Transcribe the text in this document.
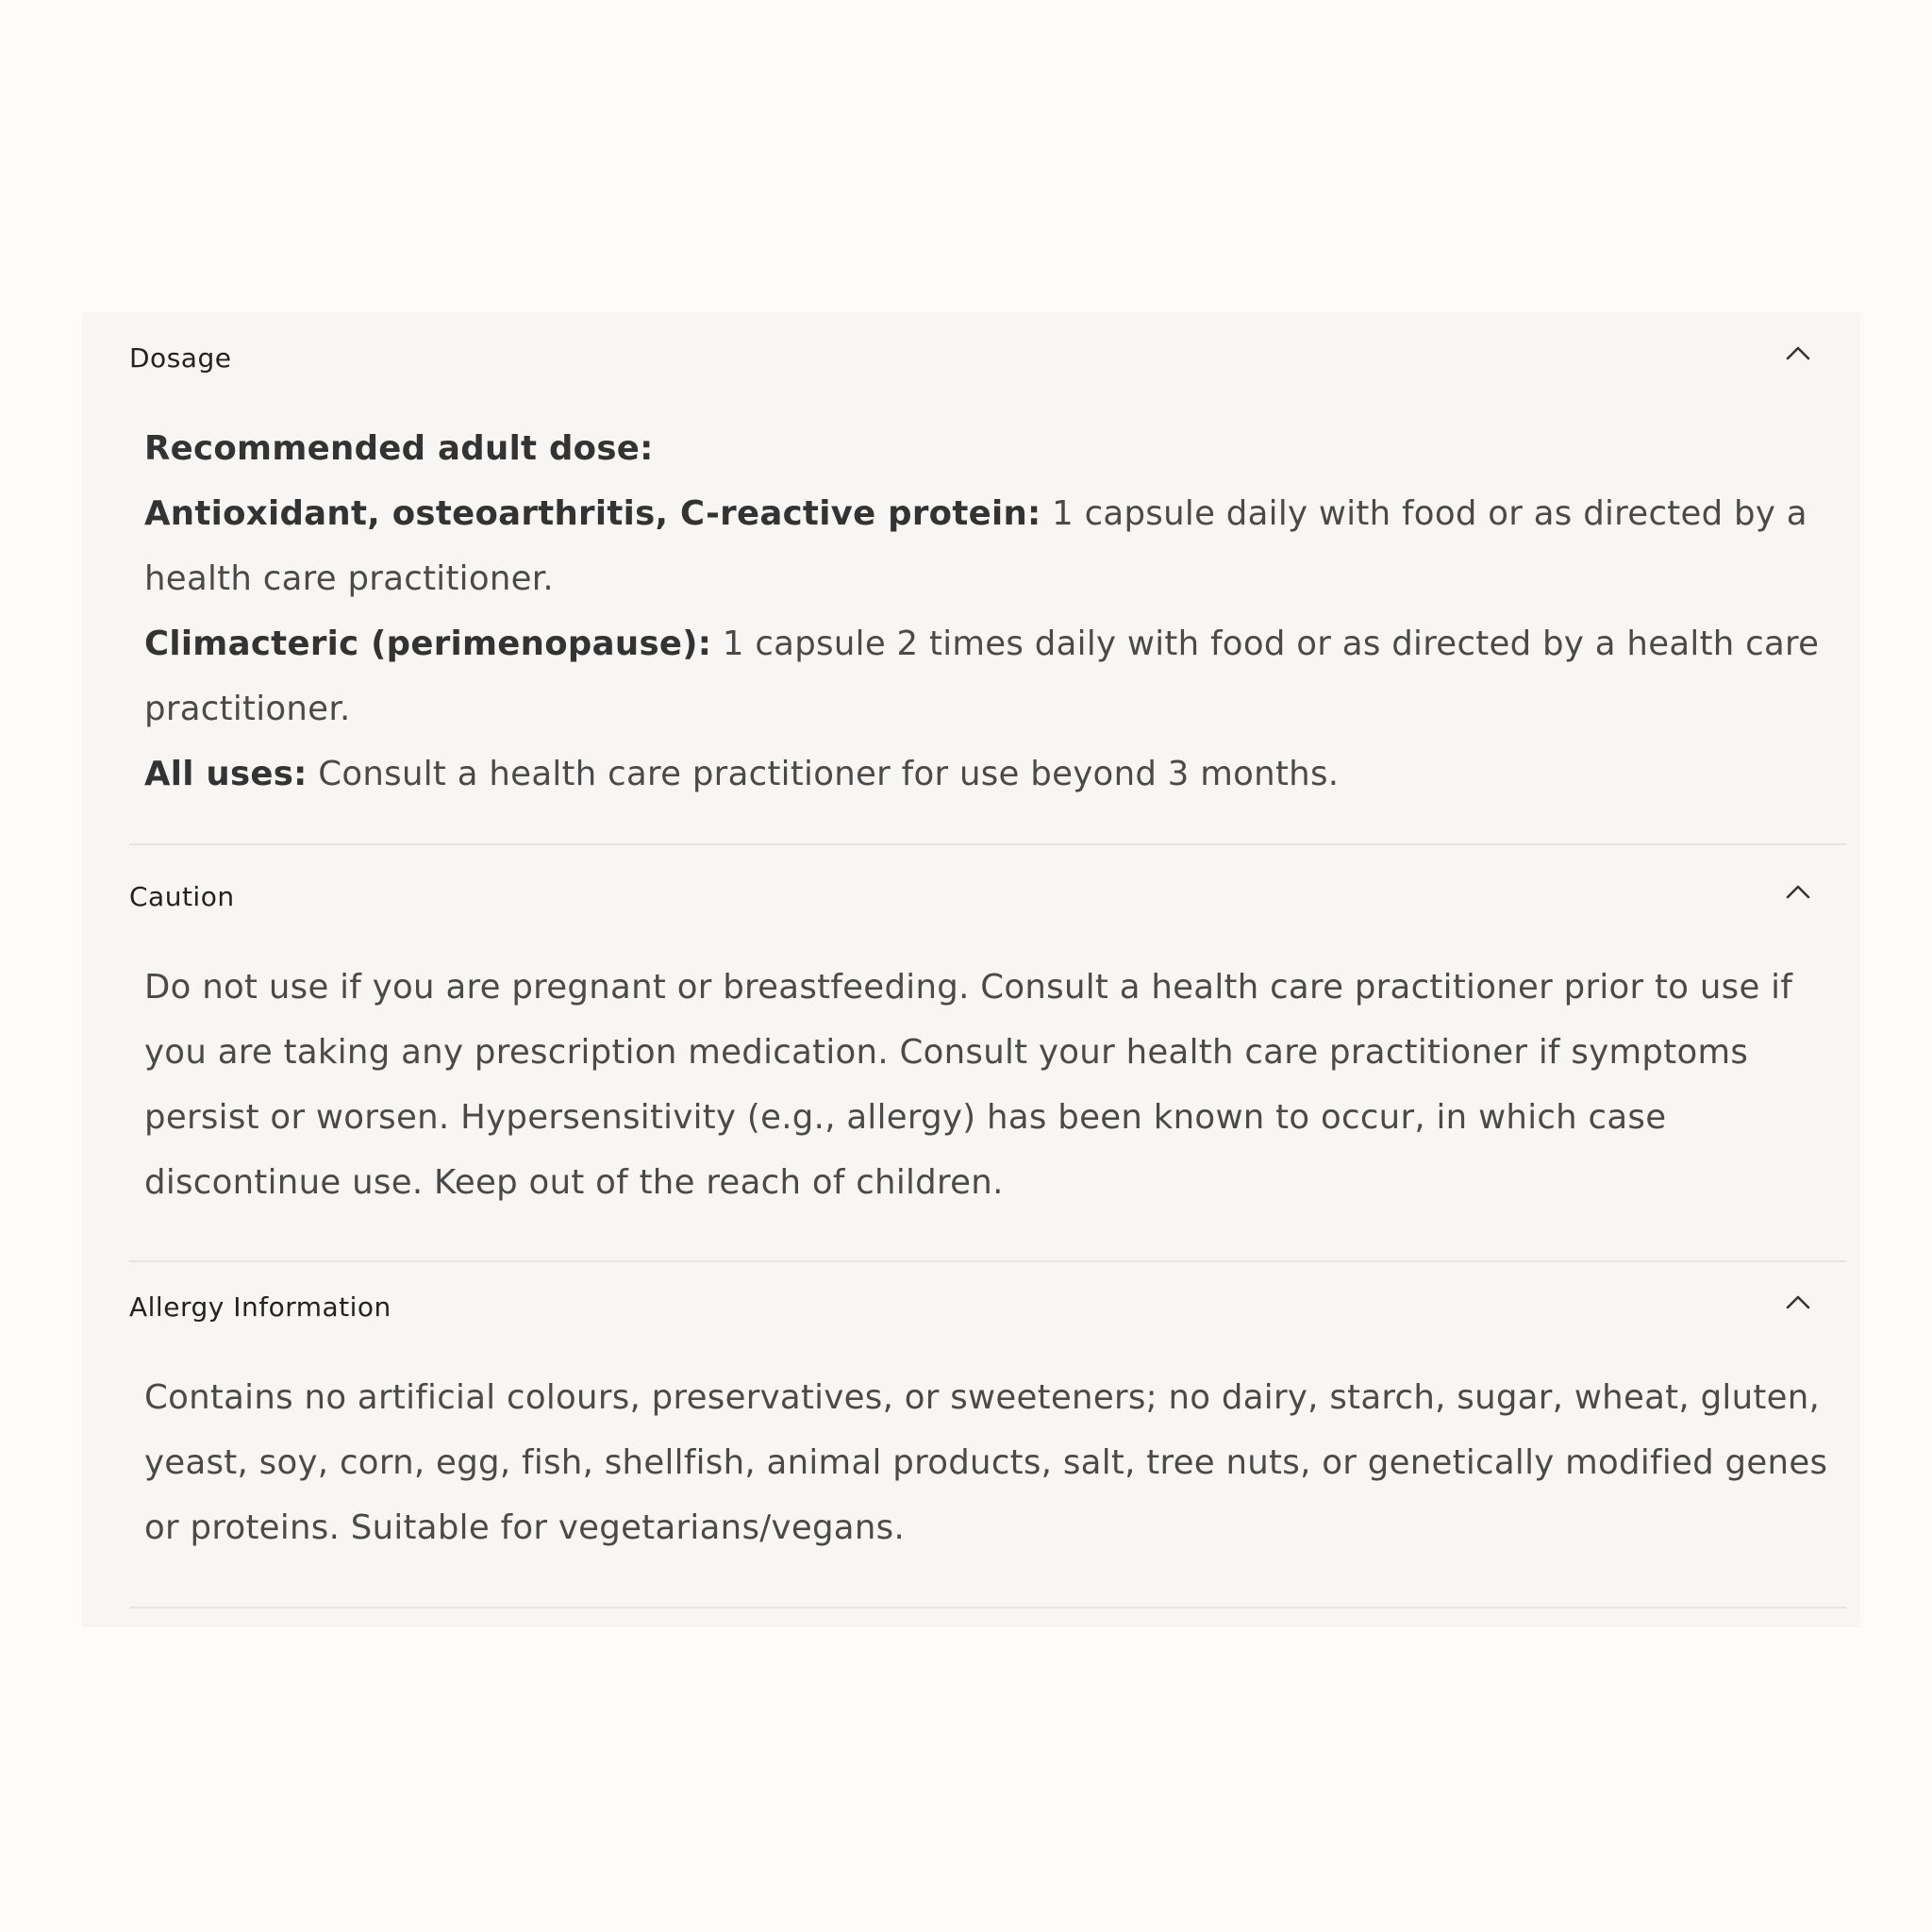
Dosage

Recommended adult dose:

Antioxidant, osteoarthritis, C-reactive protein: 1 capsule daily with food or as directed by a health care practitioner.

Climacteric (perimenopause): 1 capsule 2 times daily with food or as directed by a health care practitioner.

All uses: Consult a health care practitioner for use beyond 3 months.

Caution

Do not use if you are pregnant or breastfeeding. Consult a health care practitioner prior to use if you are taking any prescription medication. Consult your health care practitioner if symptoms persist or worsen. Hypersensitivity (e.g., allergy) has been known to occur, in which case discontinue use. Keep out of the reach of children.

Allergy Information

Contains no artificial colours, preservatives, or sweeteners; no dairy, starch, sugar, wheat, gluten, yeast, soy, corn, egg, fish, shellfish, animal products, salt, tree nuts, or genetically modified genes or proteins. Suitable for vegetarians/vegans.
